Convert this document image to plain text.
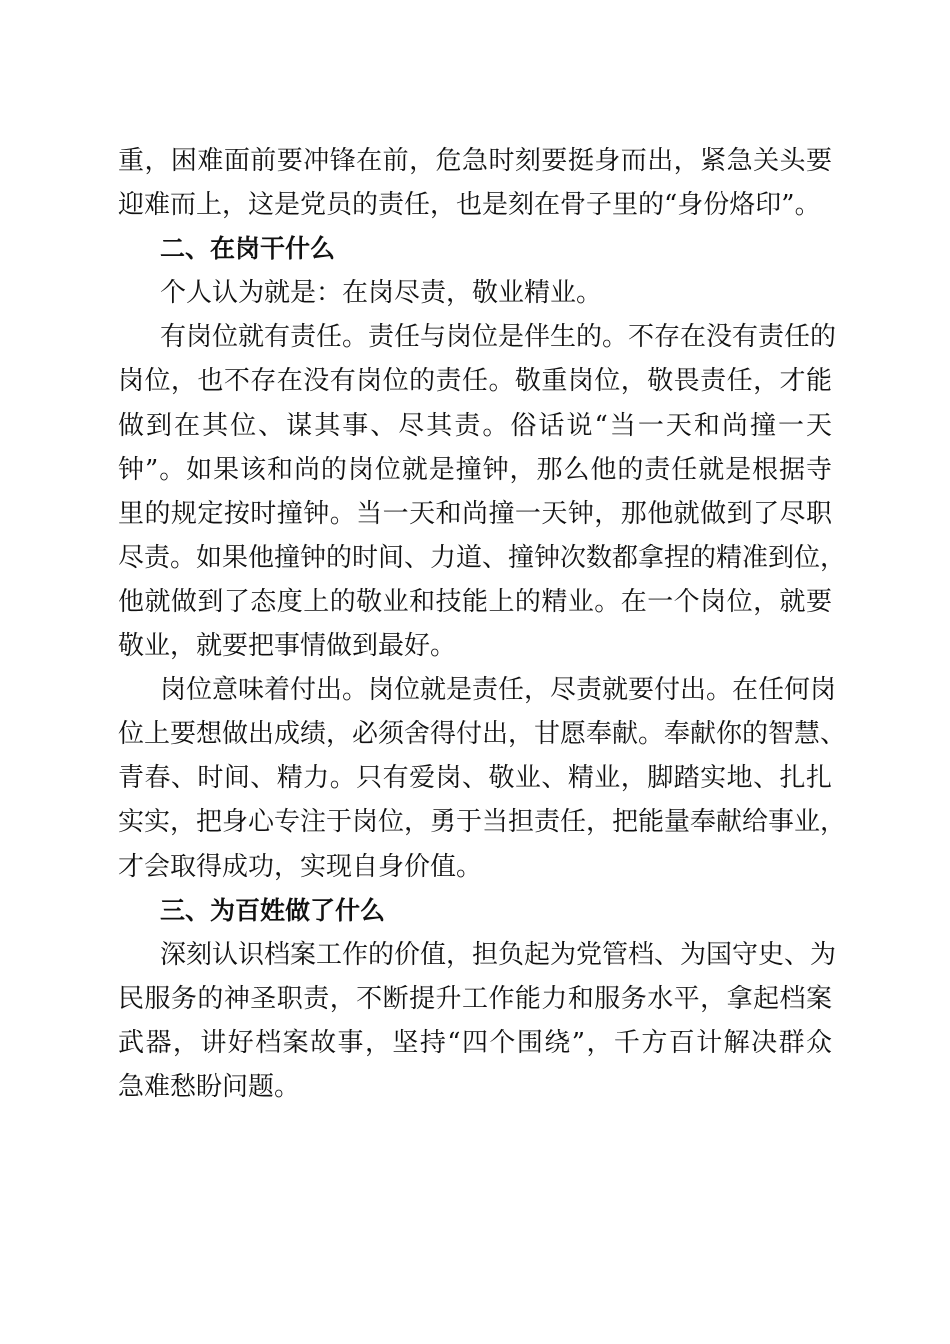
重，困难面前要冲锋在前，危急时刻要挺身而出，紧急关头要
迎难而上，这是党员的责任，也是刻在骨子里的“身份烙印”。
二、在岗干什么
个人认为就是：在岗尽责，敬业精业。
有岗位就有责任。责任与岗位是伴生的。不存在没有责任的
岗位，也不存在没有岗位的责任。敬重岗位，敬畏责任，才能
做到在其位、谋其事、尽其责。俗话说“当一天和尚撞一天
钟”。如果该和尚的岗位就是撞钟，那么他的责任就是根据寺
里的规定按时撞钟。当一天和尚撞一天钟，那他就做到了尽职
尽责。如果他撞钟的时间、力道、撞钟次数都拿捏的精准到位，
他就做到了态度上的敬业和技能上的精业。在一个岗位，就要
敬业，就要把事情做到最好。
岗位意味着付出。岗位就是责任，尽责就要付出。在任何岗
位上要想做出成绩，必须舍得付出，甘愿奉献。奉献你的智慧、
青春、时间、精力。只有爱岗、敬业、精业，脚踏实地、扎扎
实实，把身心专注于岗位，勇于当担责任，把能量奉献给事业，
才会取得成功，实现自身价值。
三、为百姓做了什么
深刻认识档案工作的价值，担负起为党管档、为国守史、为
民服务的神圣职责，不断提升工作能力和服务水平，拿起档案
武器，讲好档案故事，坚持“四个围绕”，千方百计解决群众
急难愁盼问题。
